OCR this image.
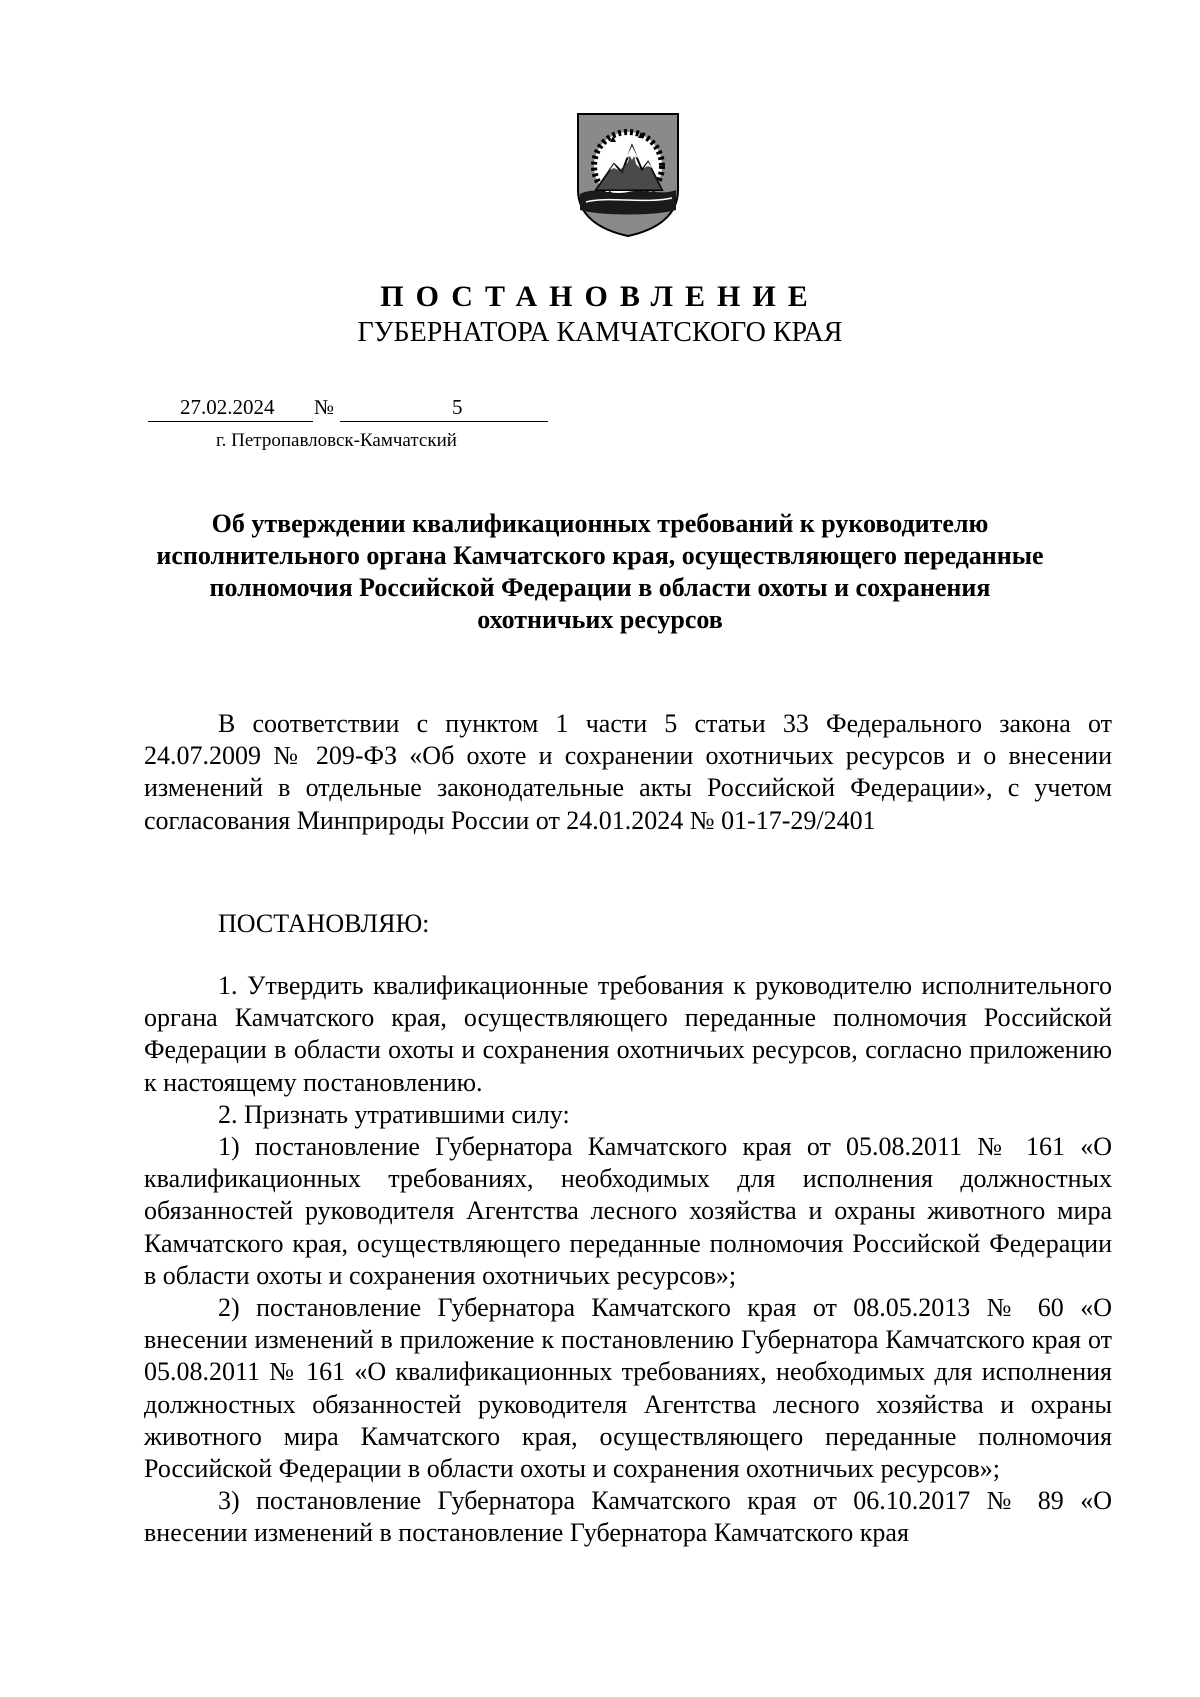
ПОСТАНОВЛЕНИЕ
ГУБЕРНАТОРА КАМЧАТСКОГО КРАЯ
27.02.2024 №	5
г. Петропавловск-Камчатский

Об утверждении квалификационных требований к руководителю исполнительного органа Камчатского края, осуществляющего переданные полномочия Российской Федерации в области охоты и сохранения охотничьих ресурсов

В соответствии с пунктом 1 части 5 статьи 33 Федерального закона от 24.07.2009 № 209-ФЗ «Об охоте и сохранении охотничьих ресурсов и о внесении изменений в отдельные законодательные акты Российской Федерации», с учетом согласования Минприроды России от 24.01.2024 № 01-17-29/2401

ПОСТАНОВЛЯЮ:

1. Утвердить квалификационные требования к руководителю исполнительного органа Камчатского края, осуществляющего переданные полномочия Российской Федерации в области охоты и сохранения охотничьих ресурсов, согласно приложению к настоящему постановлению.

2. Признать утратившими силу:

1) постановление Губернатора Камчатского края от 05.08.2011 № 161 «О квалификационных требованиях, необходимых для исполнения должностных обязанностей руководителя Агентства лесного хозяйства и охраны животного мира Камчатского края, осуществляющего переданные полномочия Российской Федерации в области охоты и сохранения охотничьих ресурсов»;

2) постановление Губернатора Камчатского края от 08.05.2013 № 60 «О внесении изменений в приложение к постановлению Губернатора Камчатского края от 05.08.2011 № 161 «О квалификационных требованиях, необходимых для исполнения должностных обязанностей руководителя Агентства лесного хозяйства и охраны животного мира Камчатского края, осуществляющего переданные полномочия Российской Федерации в области охоты и сохранения охотничьих ресурсов»;

3) постановление Губернатора Камчатского края от 06.10.2017 № 89 «О внесении изменений в постановление Губернатора Камчатского края
